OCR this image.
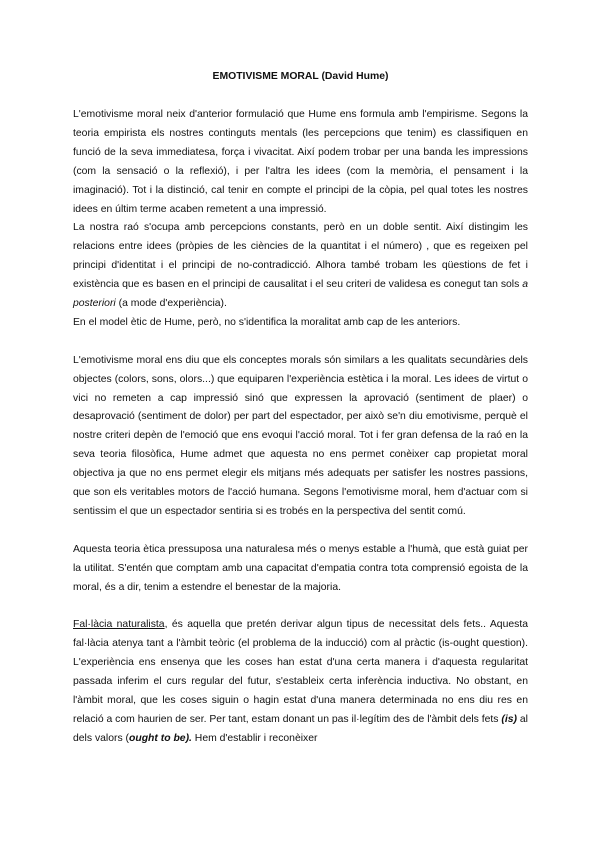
EMOTIVISME MORAL (David Hume)

L'emotivisme moral neix d'anterior formulació que Hume ens formula amb l'empirisme. Segons la teoria empirista els nostres continguts mentals (les percepcions que tenim) es classifiquen en funció de la seva immediatesa, força i vivacitat. Així podem trobar per una banda les impressions (com la sensació o la reflexió), i per l'altra les idees (com la memòria, el pensament i la imaginació). Tot i la distinció, cal tenir en compte el principi de la còpia, pel qual totes les nostres idees en últim terme acaben remetent a una impressió.

La nostra raó s'ocupa amb percepcions constants, però en un doble sentit. Així distingim les relacions entre idees (pròpies de les ciències de la quantitat i el número) , que es regeixen pel principi d'identitat i el principi de no-contradicció. Alhora també trobam les qüestions de fet i existència que es basen en el principi de causalitat i el seu criteri de validesa es conegut tan sols a posteriori (a mode d'experiència).

En el model ètic de Hume, però, no s'identifica la moralitat amb cap de les anteriors.

L'emotivisme moral ens diu que els conceptes morals són similars a les qualitats secundàries dels objectes (colors, sons, olors...) que equiparen l'experiència estètica i la moral. Les idees de virtut o vici no remeten a cap impressió sinó que expressen la aprovació (sentiment de plaer) o desaprovació (sentiment de dolor) per part del espectador, per això se'n diu emotivisme, perquè el nostre criteri depèn de l'emoció que ens evoqui l'acció moral. Tot i fer gran defensa de la raó en la seva teoria filosòfica, Hume admet que aquesta no ens permet conèixer cap propietat moral objectiva ja que no ens permet elegir els mitjans més adequats per satisfer les nostres passions, que son els veritables motors de l'acció humana. Segons l'emotivisme moral, hem d'actuar com si sentissim el que un espectador sentiria si es trobés en la perspectiva del sentit comú.

Aquesta teoria ètica pressuposa una naturalesa més o menys estable a l'humà, que està guiat per la utilitat. S'entén que comptam amb una capacitat d'empatia contra tota comprensió egoista de la moral, és a dir, tenim a estendre el benestar de la majoria.

Fal·làcia naturalista, és aquella que pretén derivar algun tipus de necessitat dels fets.. Aquesta fal·làcia atenya tant a l'àmbit teòric (el problema de la inducció) com al pràctic (is-ought question). L'experiència ens ensenya que les coses han estat d'una certa manera i d'aquesta regularitat passada inferim el curs regular del futur, s'estableix certa inferència inductiva. No obstant, en l'àmbit moral, que les coses siguin o hagin estat d'una manera determinada no ens diu res en relació a com haurien de ser. Per tant, estam donant un pas il·legítim des de l'àmbit dels fets (is) al dels valors (ought to be). Hem d'establir i reconèixer
